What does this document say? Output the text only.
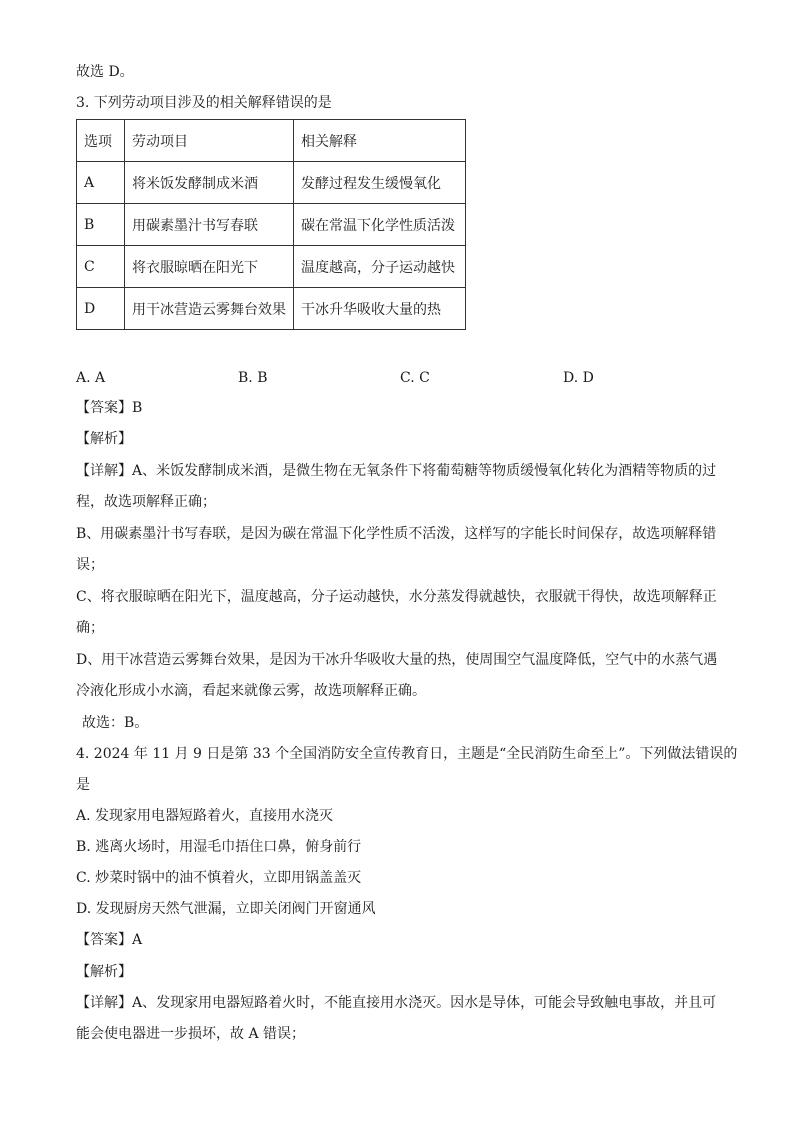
故选 D。
3. 下列劳动项目涉及的相关解释错误的是
选项	劳动项目	相关解释
A	将米饭发酵制成米酒	发酵过程发生缓慢氧化
B	用碳素墨汁书写春联	碳在常温下化学性质活泼
C	将衣服晾晒在阳光下	温度越高，分子运动越快
D	用干冰营造云雾舞台效果	干冰升华吸收大量的热
A. A	B. B	C. C	D. D
【答案】B
【解析】
【详解】A、米饭发酵制成米酒，是微生物在无氧条件下将葡萄糖等物质缓慢氧化转化为酒精等物质的过
程，故选项解释正确；
B、用碳素墨汁书写春联，是因为碳在常温下化学性质不活泼，这样写的字能长时间保存，故选项解释错
误；
C、将衣服晾晒在阳光下，温度越高，分子运动越快，水分蒸发得就越快，衣服就干得快，故选项解释正
确；
D、用干冰营造云雾舞台效果，是因为干冰升华吸收大量的热，使周围空气温度降低，空气中的水蒸气遇
冷液化形成小水滴，看起来就像云雾，故选项解释正确。
故选：B。
4. 2024 年 11 月 9 日是第 33 个全国消防安全宣传教育日，主题是“全民消防生命至上”。下列做法错误的
是
A. 发现家用电器短路着火，直接用水浇灭
B. 逃离火场时，用湿毛巾捂住口鼻，俯身前行
C. 炒菜时锅中的油不慎着火，立即用锅盖盖灭
D. 发现厨房天然气泄漏，立即关闭阀门开窗通风
【答案】A
【解析】
【详解】A、发现家用电器短路着火时，不能直接用水浇灭。因水是导体，可能会导致触电事故，并且可
能会使电器进一步损坏，故 A 错误；
